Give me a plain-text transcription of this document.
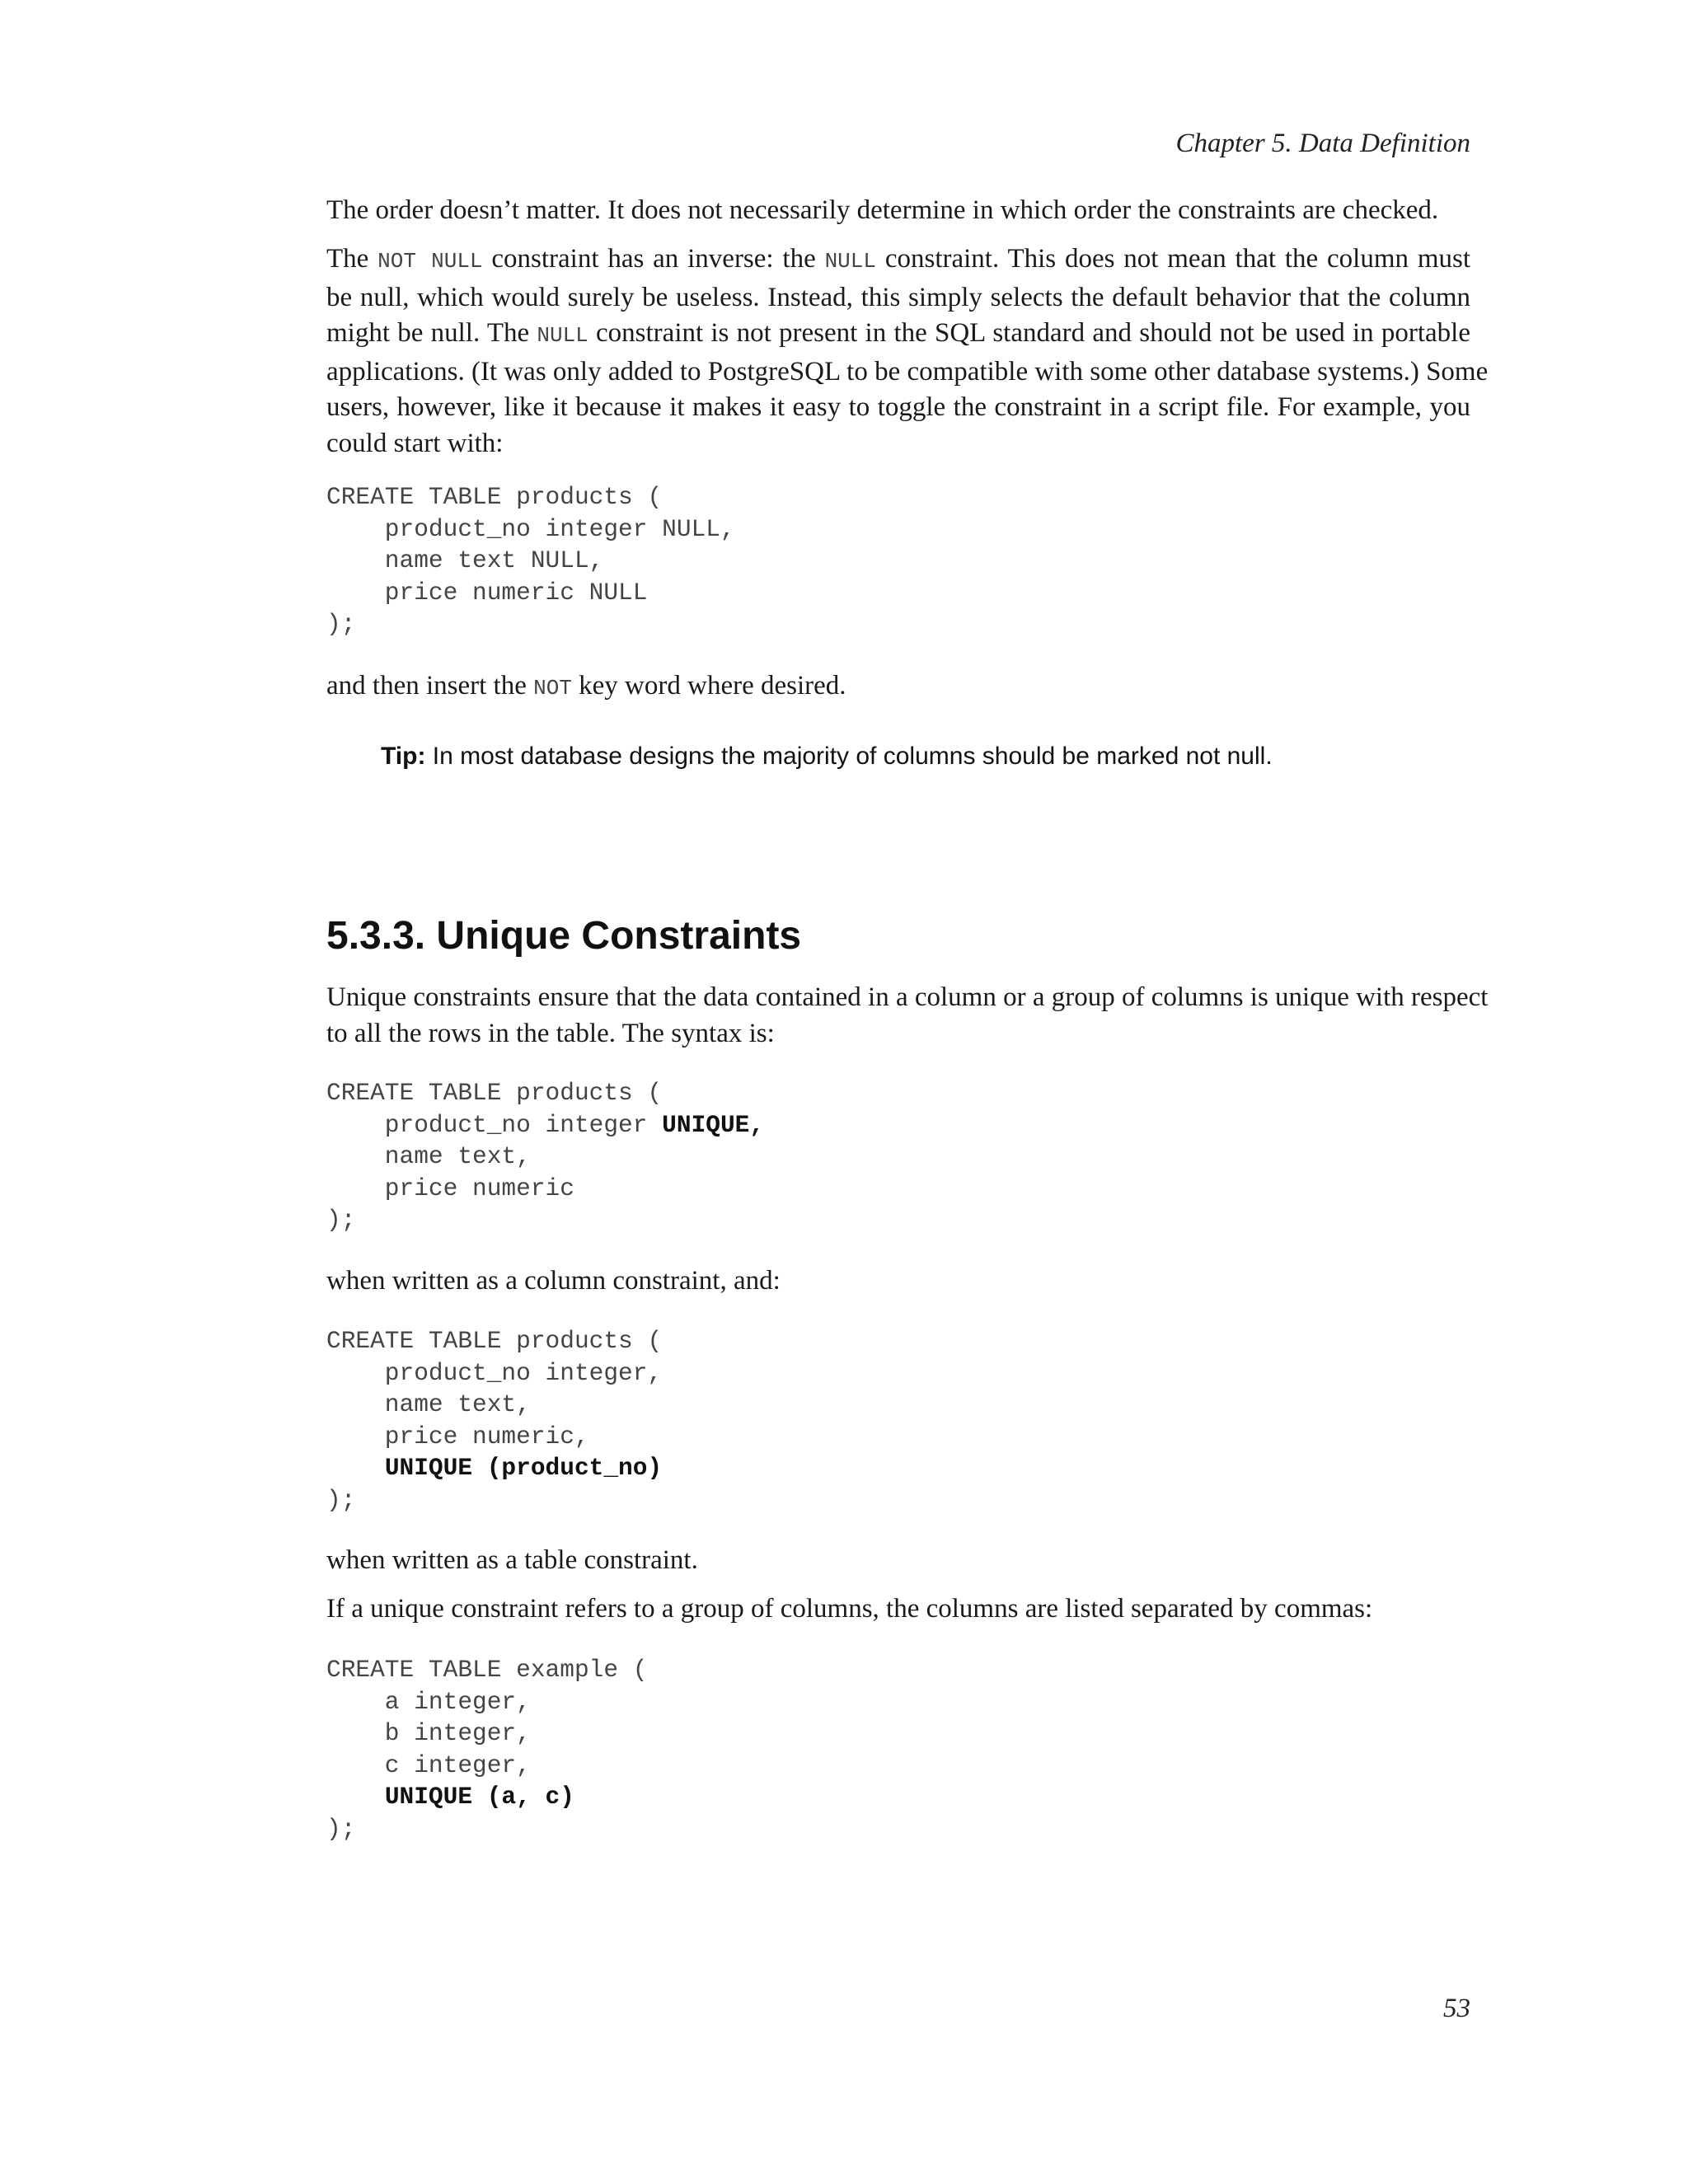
Chapter 5. Data Definition

The order doesn’t matter. It does not necessarily determine in which order the constraints are checked.

The NOT NULL constraint has an inverse: the NULL constraint. This does not mean that the column must
be null, which would surely be useless. Instead, this simply selects the default behavior that the column
might be null. The NULL constraint is not present in the SQL standard and should not be used in portable
applications. (It was only added to PostgreSQL to be compatible with some other database systems.) Some
users, however, like it because it makes it easy to toggle the constraint in a script file. For example, you
could start with:
CREATE TABLE products (
product_no integer NULL,
name text NULL,
price numeric NULL
);

and then insert the NOT key word where desired.

Tip: In most database designs the majority of columns should be marked not null.
5.3.3. Unique Constraints
Unique constraints ensure that the data contained in a column or a group of columns is unique with respect
to all the rows in the table. The syntax is:
CREATE TABLE products (
product_no integer UNIQUE,
name text,
price numeric
);

when written as a column constraint, and:

CREATE TABLE products (
product_no integer,
name text,
price numeric,
UNIQUE (product_no)
);

when written as a table constraint.

If a unique constraint refers to a group of columns, the columns are listed separated by commas:

CREATE TABLE example (
a integer,
b integer,
c integer,
UNIQUE (a, c)
);
53
